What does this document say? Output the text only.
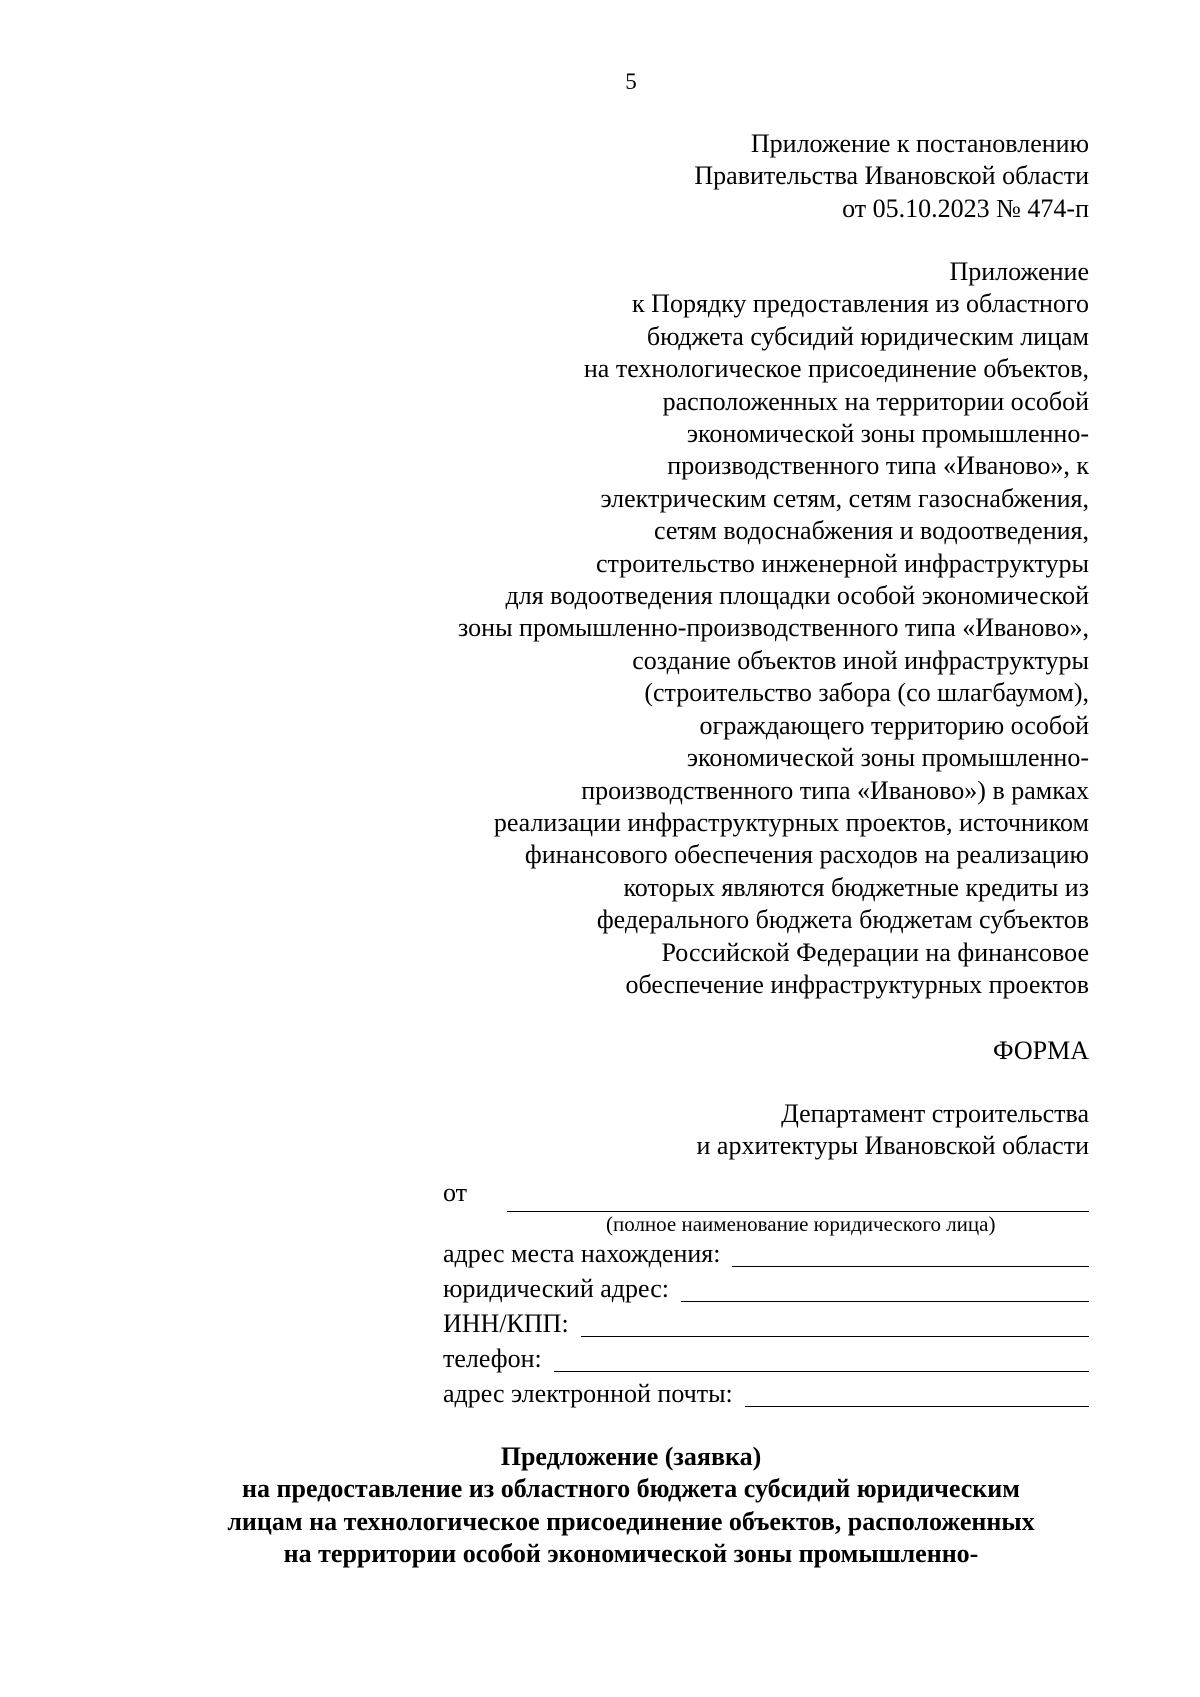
5
Приложение к постановлению
Правительства Ивановской области
от 05.10.2023 № 474-п
Приложение
к Порядку предоставления из областного
бюджета субсидий юридическим лицам
на технологическое присоединение объектов,
расположенных на территории особой
экономической зоны промышленно-
производственного типа «Иваново», к
электрическим сетям, сетям газоснабжения,
сетям водоснабжения и водоотведения,
строительство инженерной инфраструктуры
для водоотведения площадки особой экономической
зоны промышленно-производственного типа «Иваново»,
создание объектов иной инфраструктуры
(строительство забора (со шлагбаумом),
ограждающего территорию особой
экономической зоны промышленно-
производственного типа «Иваново») в рамках
реализации инфраструктурных проектов, источником
финансового обеспечения расходов на реализацию
которых являются бюджетные кредиты из
федерального бюджета бюджетам субъектов
Российской Федерации на финансовое
обеспечение инфраструктурных проектов
ФОРМА
Департамент строительства
и архитектуры Ивановской области
от
(полное наименование юридического лица)
адрес места нахождения:
юридический адрес:
ИНН/КПП:
телефон:
адрес электронной почты:
Предложение (заявка)
на предоставление из областного бюджета субсидий юридическим
лицам на технологическое присоединение объектов, расположенных
на территории особой экономической зоны промышленно-
